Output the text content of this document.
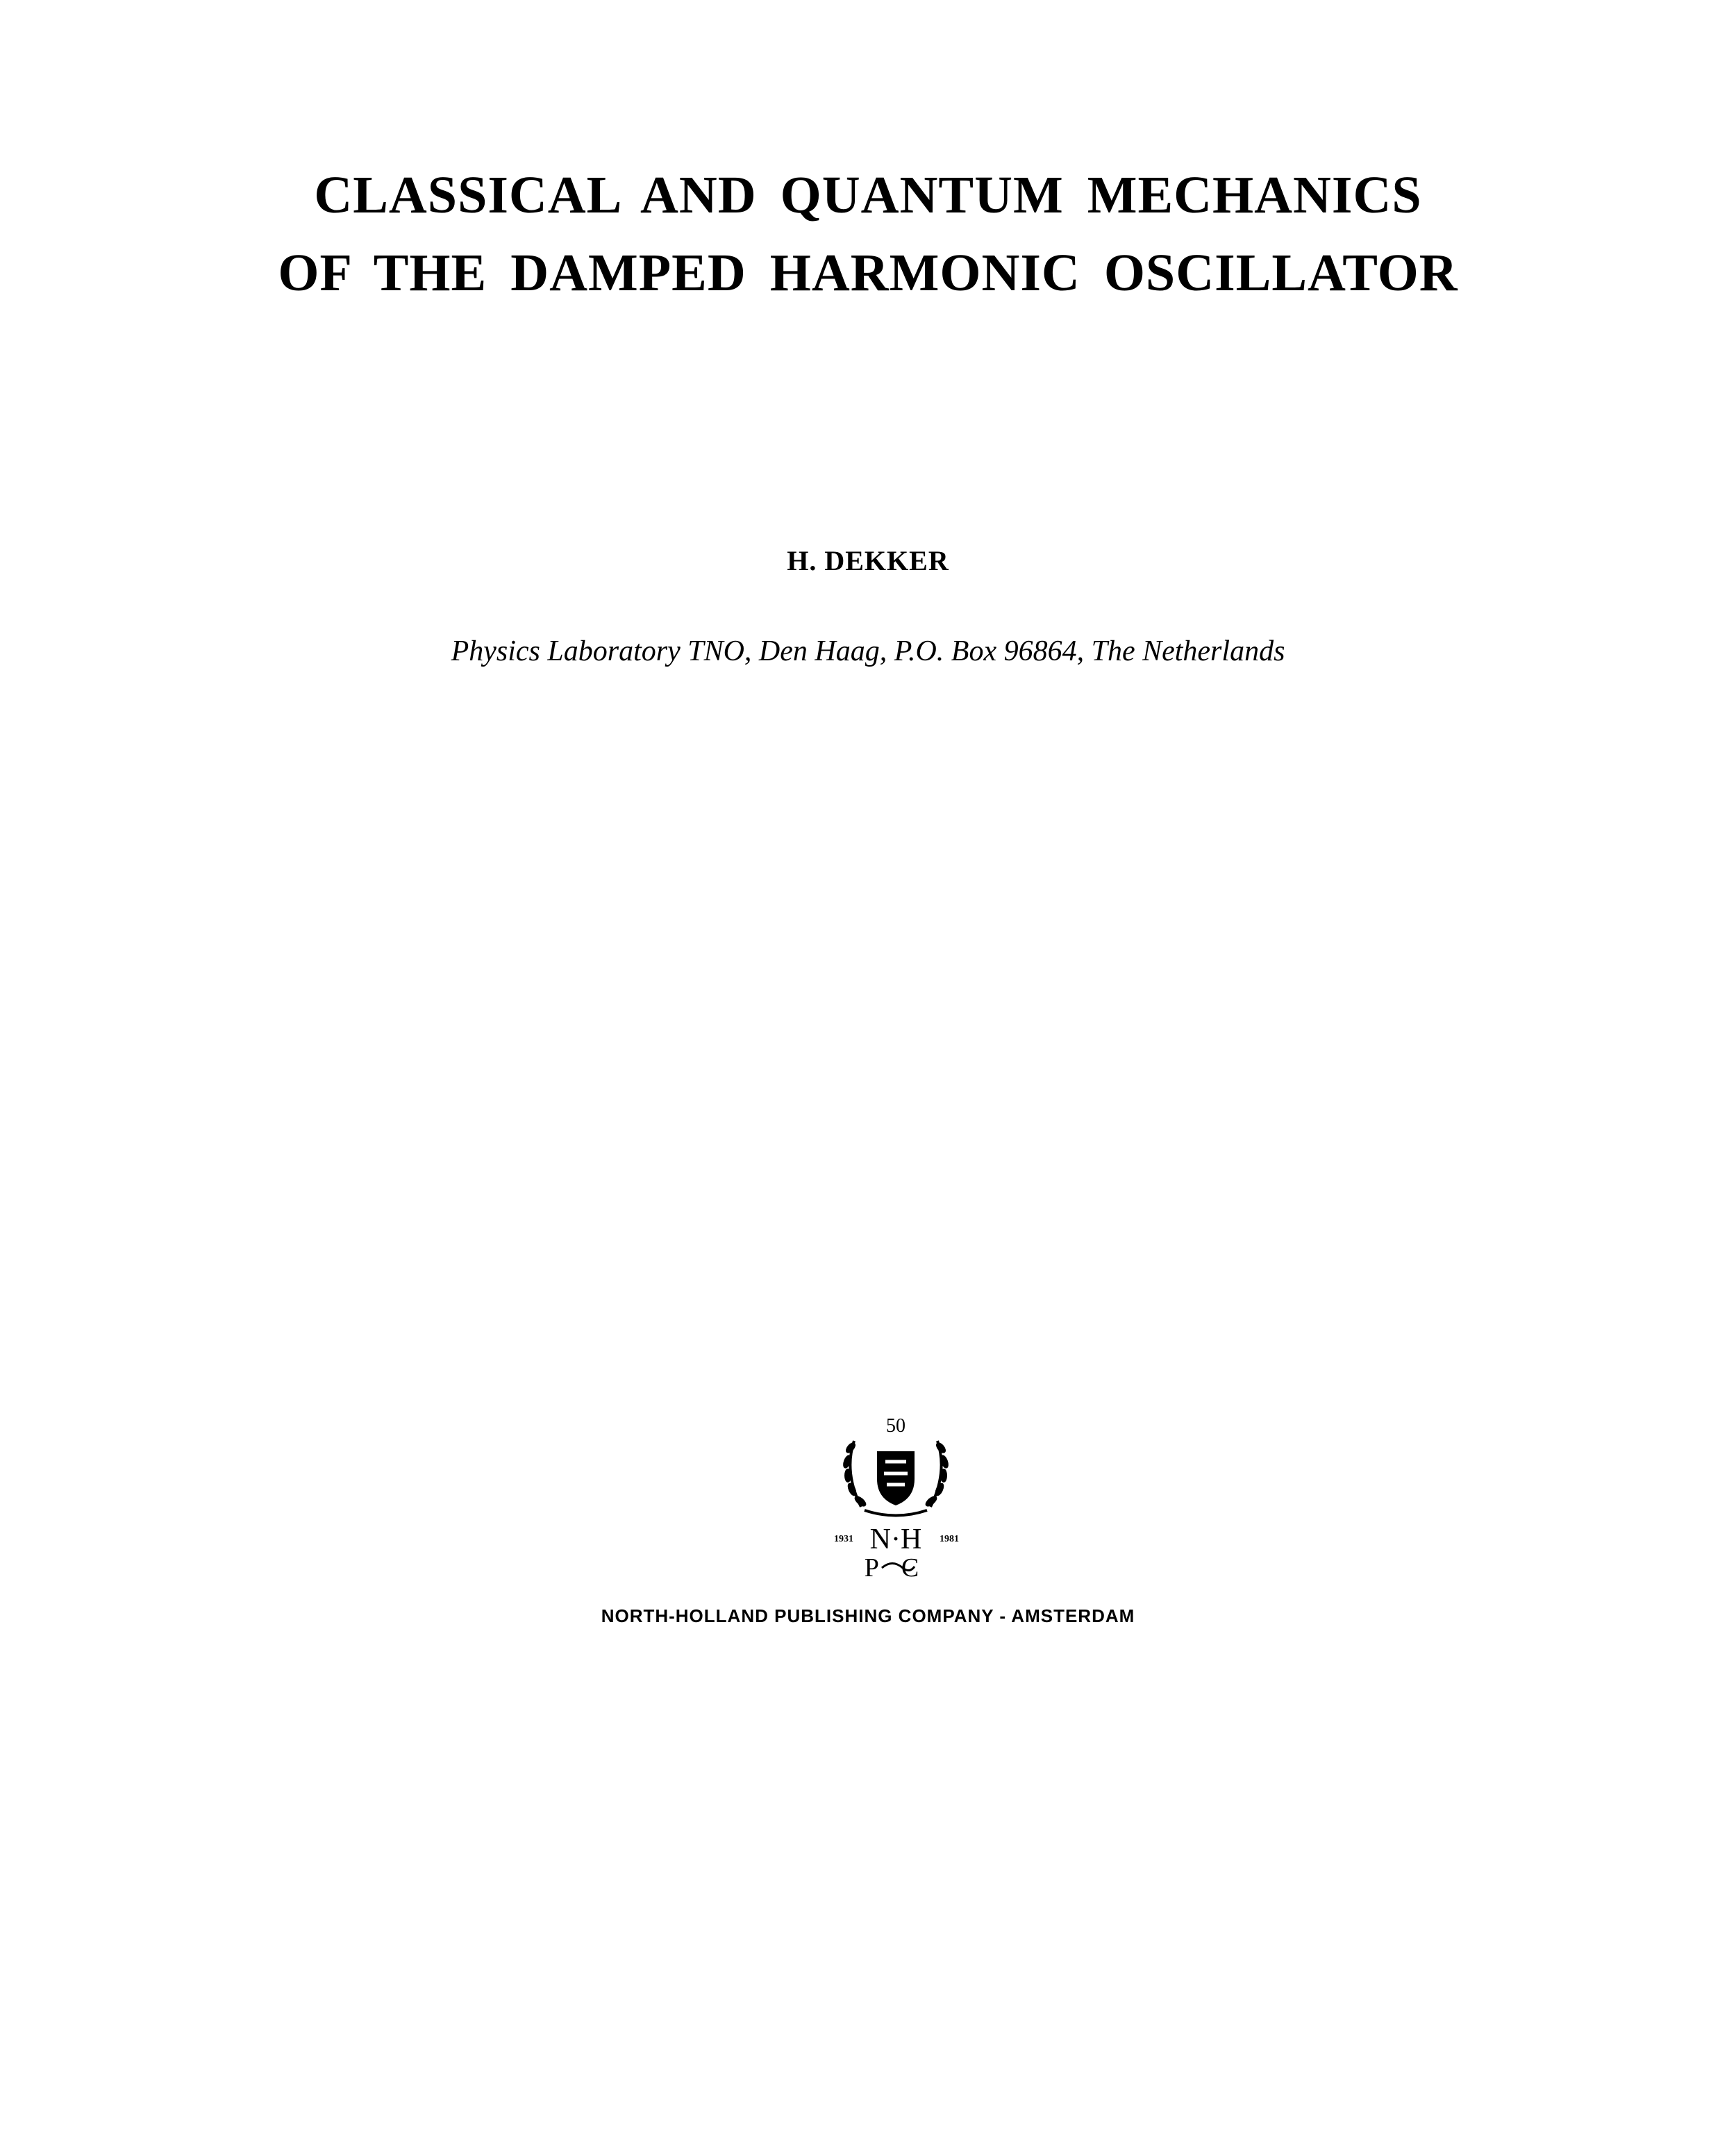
CLASSICAL AND QUANTUM MECHANICS
OF THE DAMPED HARMONIC OSCILLATOR
H. DEKKER
Physics Laboratory TNO, Den Haag, P.O. Box 96864, The Netherlands
50
1931	1981
N·H
P C
NORTH-HOLLAND PUBLISHING COMPANY - AMSTERDAM
